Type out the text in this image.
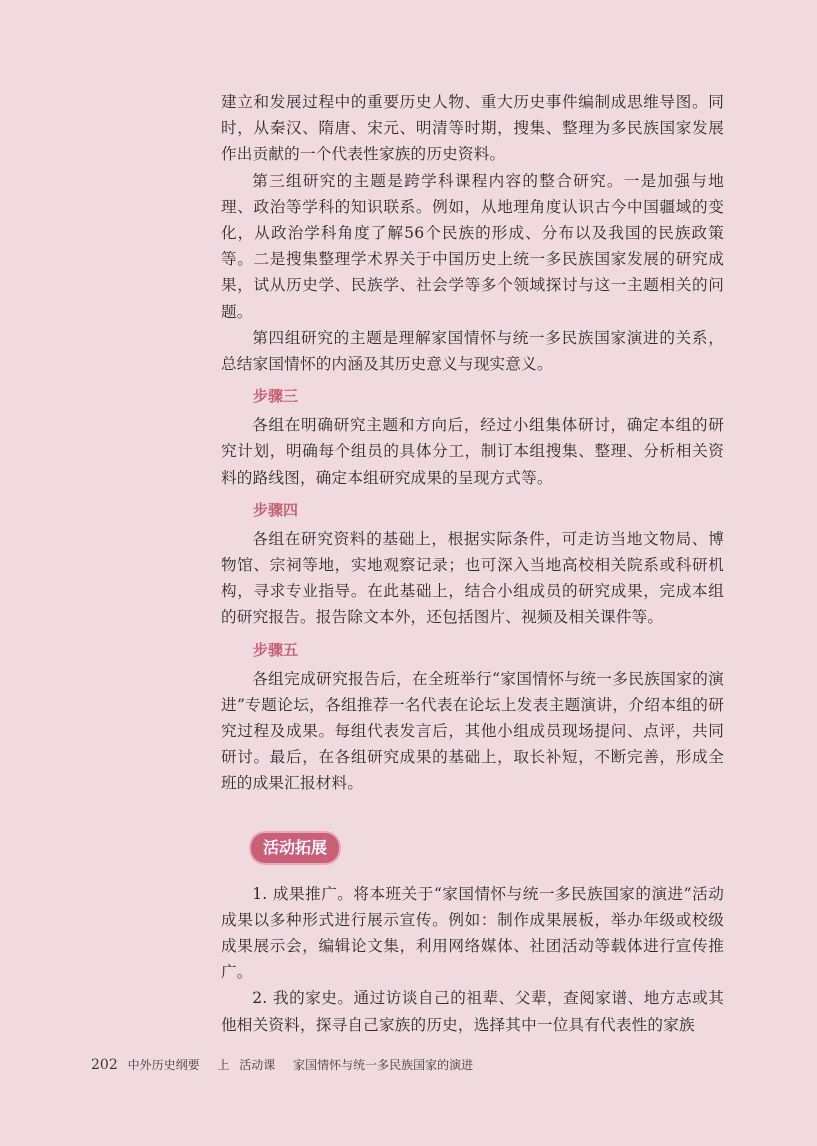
建立和发展过程中的重要历史人物、重大历史事件编制成思维导图。同时，从秦汉、隋唐、宋元、明清等时期，搜集、整理为多民族国家发展作出贡献的一个代表性家族的历史资料。

第三组研究的主题是跨学科课程内容的整合研究。一是加强与地理、政治等学科的知识联系。例如，从地理角度认识古今中国疆域的变化，从政治学科角度了解56个民族的形成、分布以及我国的民族政策等。二是搜集整理学术界关于中国历史上统一多民族国家发展的研究成果，试从历史学、民族学、社会学等多个领域探讨与这一主题相关的问题。

第四组研究的主题是理解家国情怀与统一多民族国家演进的关系，总结家国情怀的内涵及其历史意义与现实意义。

步骤三

各组在明确研究主题和方向后，经过小组集体研讨，确定本组的研究计划，明确每个组员的具体分工，制订本组搜集、整理、分析相关资料的路线图，确定本组研究成果的呈现方式等。

步骤四

各组在研究资料的基础上，根据实际条件，可走访当地文物局、博物馆、宗祠等地，实地观察记录；也可深入当地高校相关院系或科研机构，寻求专业指导。在此基础上，结合小组成员的研究成果，完成本组的研究报告。报告除文本外，还包括图片、视频及相关课件等。

步骤五

各组完成研究报告后，在全班举行“家国情怀与统一多民族国家的演进”专题论坛，各组推荐一名代表在论坛上发表主题演讲，介绍本组的研究过程及成果。每组代表发言后，其他小组成员现场提问、点评，共同研讨。最后，在各组研究成果的基础上，取长补短，不断完善，形成全班的成果汇报材料。

活动拓展

1. 成果推广。将本班关于“家国情怀与统一多民族国家的演进”活动成果以多种形式进行展示宣传。例如：制作成果展板，举办年级或校级成果展示会，编辑论文集，利用网络媒体、社团活动等载体进行宣传推广。

2. 我的家史。通过访谈自己的祖辈、父辈，查阅家谱、地方志或其他相关资料，探寻自己家族的历史，选择其中一位具有代表性的家族

202 中外历史纲要 上 活动课 家国情怀与统一多民族国家的演进
